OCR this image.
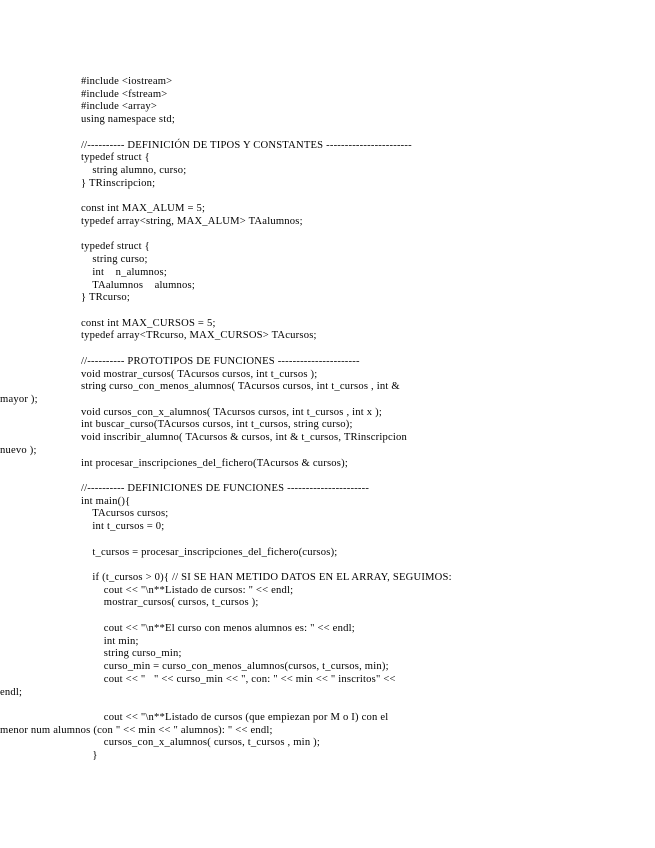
#include <iostream>
#include <fstream>
#include <array>
using namespace std;
//---------- DEFINICIÓN DE TIPOS Y CONSTANTES -----------------------
typedef struct {
string alumno, curso;
} TRinscripcion;
const int MAX_ALUM = 5;
typedef array<string, MAX_ALUM> TAalumnos;
typedef struct {
string curso;
int    n_alumnos;
TAalumnos    alumnos;
} TRcurso;
const int MAX_CURSOS = 5;
typedef array<TRcurso, MAX_CURSOS> TAcursos;
//---------- PROTOTIPOS DE FUNCIONES ----------------------
void mostrar_cursos( TAcursos cursos, int t_cursos );
string curso_con_menos_alumnos( TAcursos cursos, int t_cursos , int &
mayor );
void cursos_con_x_alumnos( TAcursos cursos, int t_cursos , int x );
int buscar_curso(TAcursos cursos, int t_cursos, string curso);
void inscribir_alumno( TAcursos & cursos, int & t_cursos, TRinscripcion
nuevo );
int procesar_inscripciones_del_fichero(TAcursos & cursos);
//---------- DEFINICIONES DE FUNCIONES ----------------------
int main(){
TAcursos cursos;
int t_cursos = 0;
t_cursos = procesar_inscripciones_del_fichero(cursos);
if (t_cursos > 0){ // SI SE HAN METIDO DATOS EN EL ARRAY, SEGUIMOS:
cout << "\n**Listado de cursos: " << endl;
mostrar_cursos( cursos, t_cursos );
cout << "\n**El curso con menos alumnos es: " << endl;
int min;
string curso_min;
curso_min = curso_con_menos_alumnos(cursos, t_cursos, min);
cout << "   " << curso_min << ", con: " << min << " inscritos" <<
endl;
cout << "\n**Listado de cursos (que empiezan por M o I) con el
menor num alumnos (con " << min << " alumnos): " << endl;
cursos_con_x_alumnos( cursos, t_cursos , min );
}
